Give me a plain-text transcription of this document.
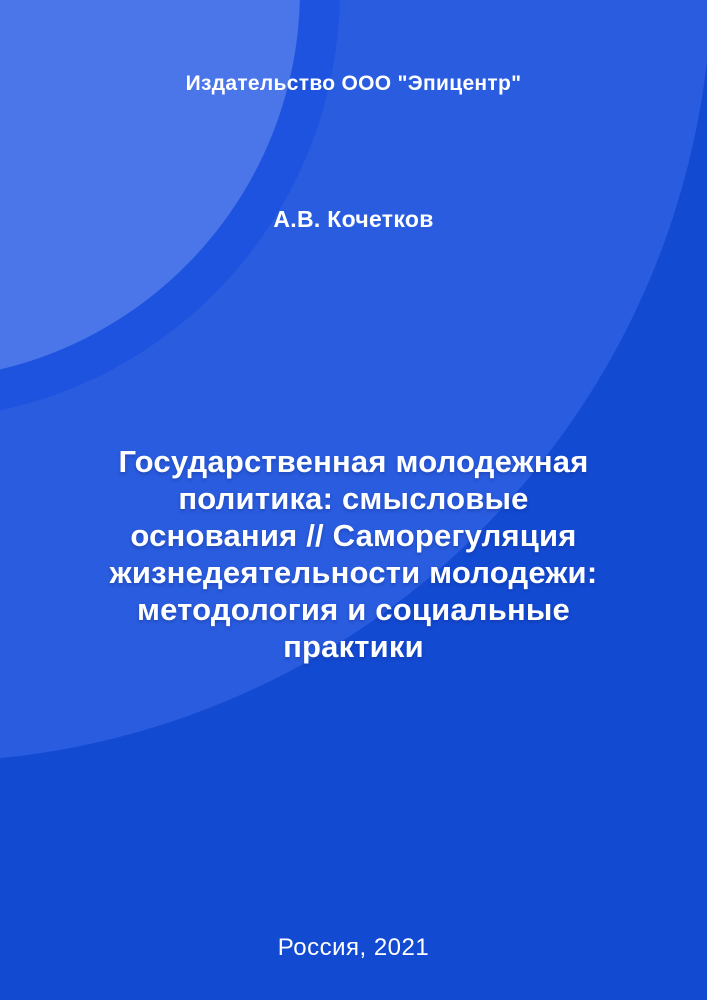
Издательство ООО "Эпицентр"
А.В. Кочетков
Государственная молодежная
политика: смысловые
основания // Саморегуляция
жизнедеятельности молодежи:
методология и социальные
практики
Россия, 2021
